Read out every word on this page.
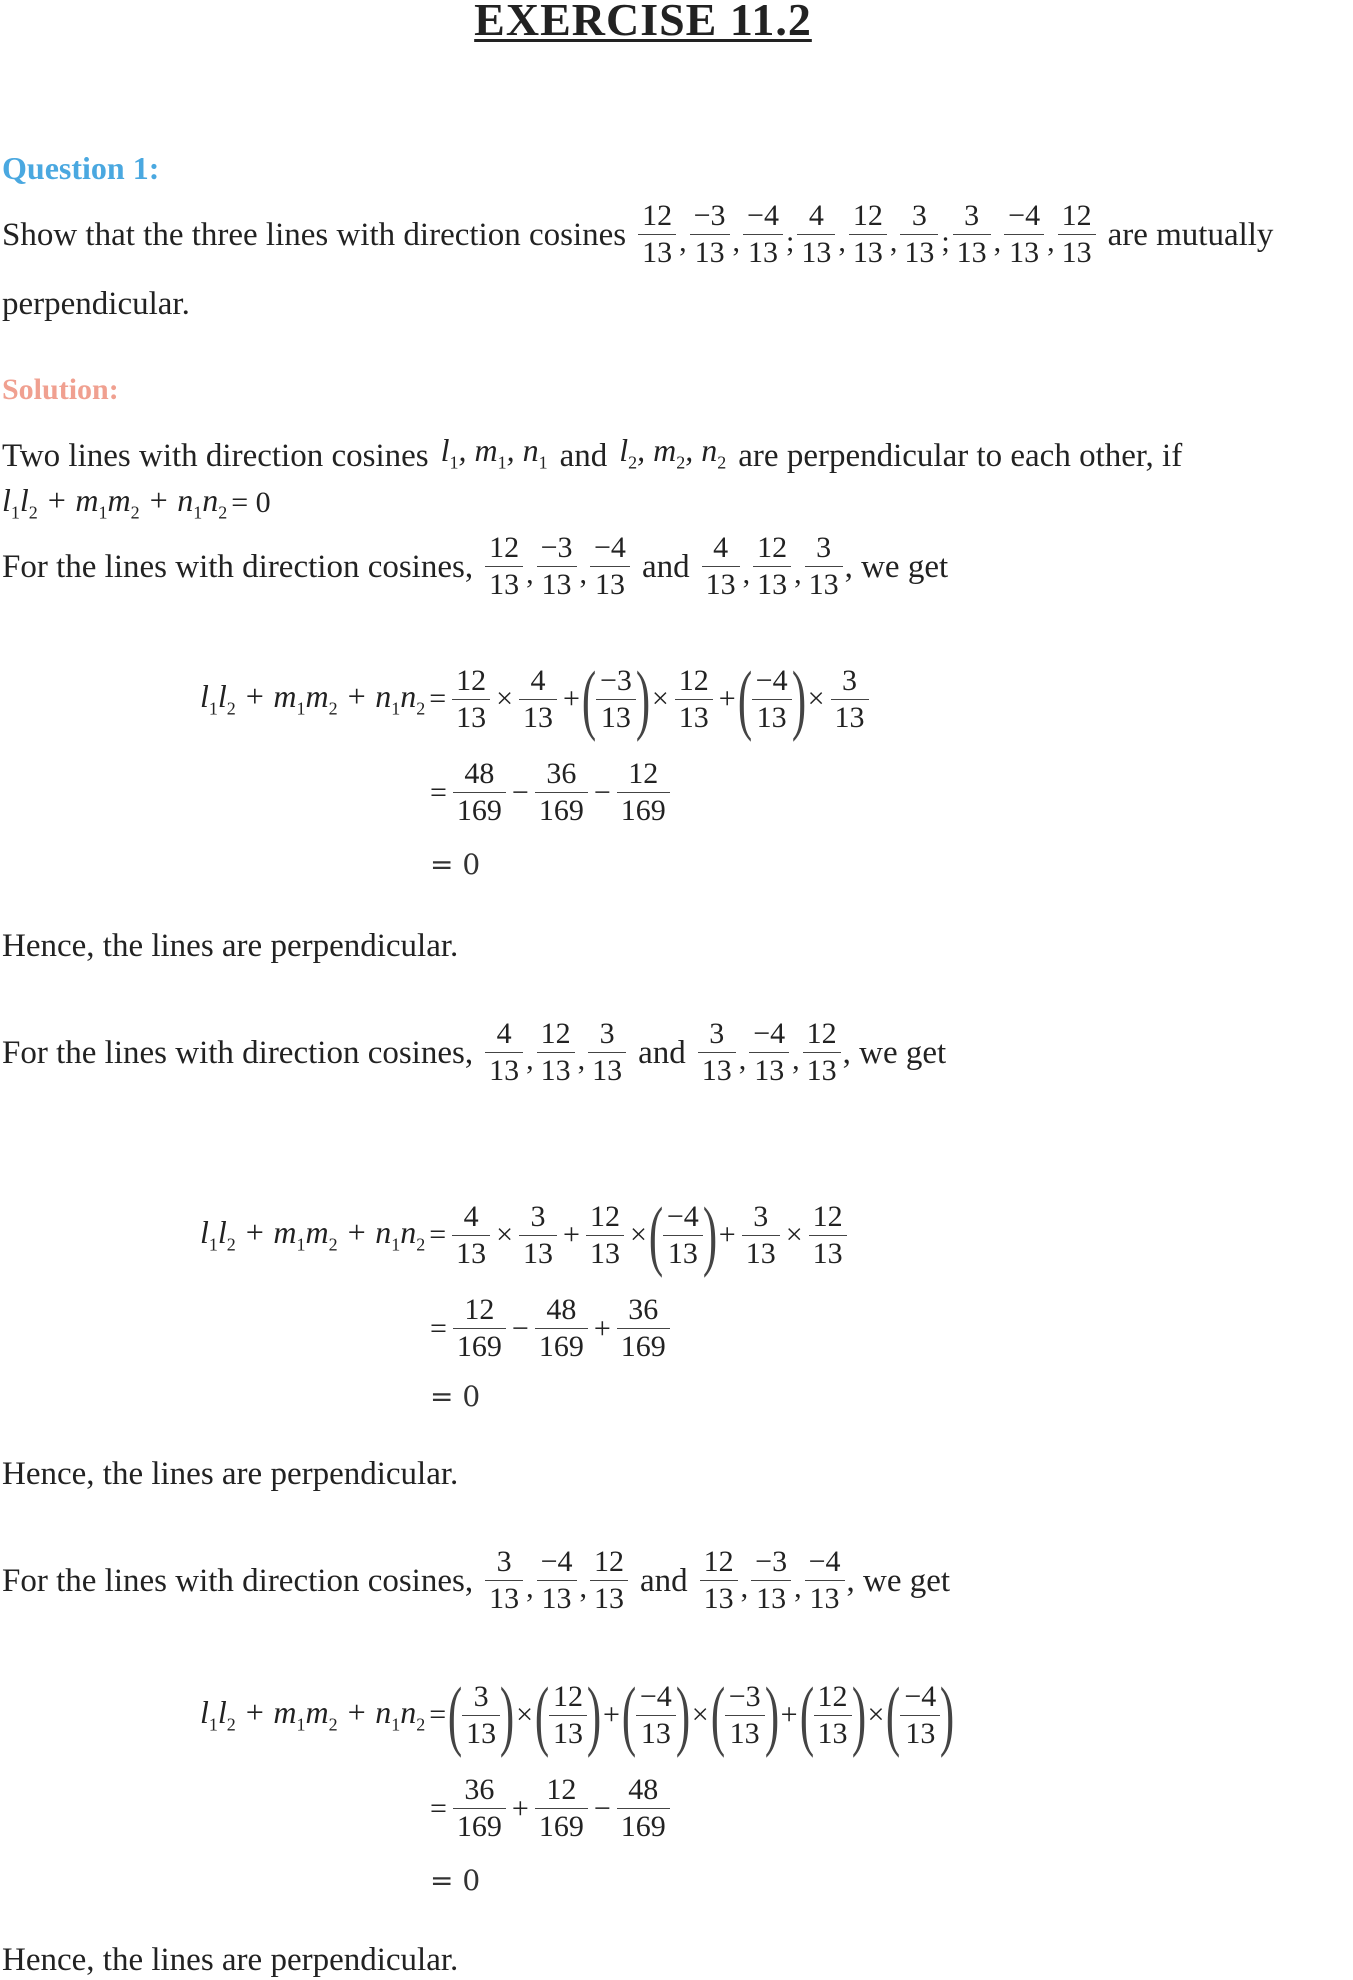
EXERCISE 11.2
Question 1:
Show that the three lines with direction cosines $\frac{12}{13}$ , $\frac{-3}{13}$ , $\frac{-4}{13}$ ; $\frac{4}{13}$ , $\frac{12}{13}$ , $\frac{3}{13}$ ; $\frac{3}{13}$ , $\frac{-4}{13}$ , $\frac{12}{13}$ are mutually
perpendicular.
Solution:
Two lines with direction cosines $l_1$, $m_1$, $n_1$ and $l_2$, $m_2$, $n_2$ are perpendicular to each other, if
$l_1l_2 + m_1m_2 + n_1n_2 = 0$
For the lines with direction cosines, $\frac{12}{13}$ , $\frac{-3}{13}$ , $\frac{-4}{13}$ and $\frac{4}{13}$ , $\frac{12}{13}$ , $\frac{3}{13}$ , we get
$l_1l_2 + m_1m_2 + n_1n_2 = \frac{12}{13} \times \frac{4}{13}$ + ( $\frac{-3}{13}$ ) × $\frac{12}{13}$ + ( $\frac{-4}{13}$ ) × $\frac{3}{13}$
= $\frac{48}{169} - \frac{36}{169} - \frac{12}{169}$
= 0
Hence, the lines are perpendicular.
For the lines with direction cosines, $\frac{4}{13}$ , $\frac{12}{13}$ , $\frac{3}{13}$ and $\frac{3}{13}$ , $\frac{-4}{13}$ , $\frac{12}{13}$ , we get
$l_1l_2 + m_1m_2 + n_1n_2 = \frac{4}{13} \times \frac{3}{13} + \frac{12}{13}$ × ( $\frac{-4}{13}$ ) + $\frac{3}{13} \times \frac{12}{13}$
= $\frac{12}{169} - \frac{48}{169} + \frac{36}{169}$
= 0
Hence, the lines are perpendicular.
For the lines with direction cosines, $\frac{3}{13}$ , $\frac{-4}{13}$ , $\frac{12}{13}$ and $\frac{12}{13}$ , $\frac{-3}{13}$ , $\frac{-4}{13}$ , we get
$l_1l_2 + m_1m_2 + n_1n_2$ = ( $\frac{3}{13}$ ) × ( $\frac{12}{13}$ ) + ( $\frac{-4}{13}$ ) × ( $\frac{-3}{13}$ ) + ( $\frac{12}{13}$ ) × ( $\frac{-4}{13}$ )
= $\frac{36}{169} + \frac{12}{169} - \frac{48}{169}$
= 0
Hence, the lines are perpendicular.
